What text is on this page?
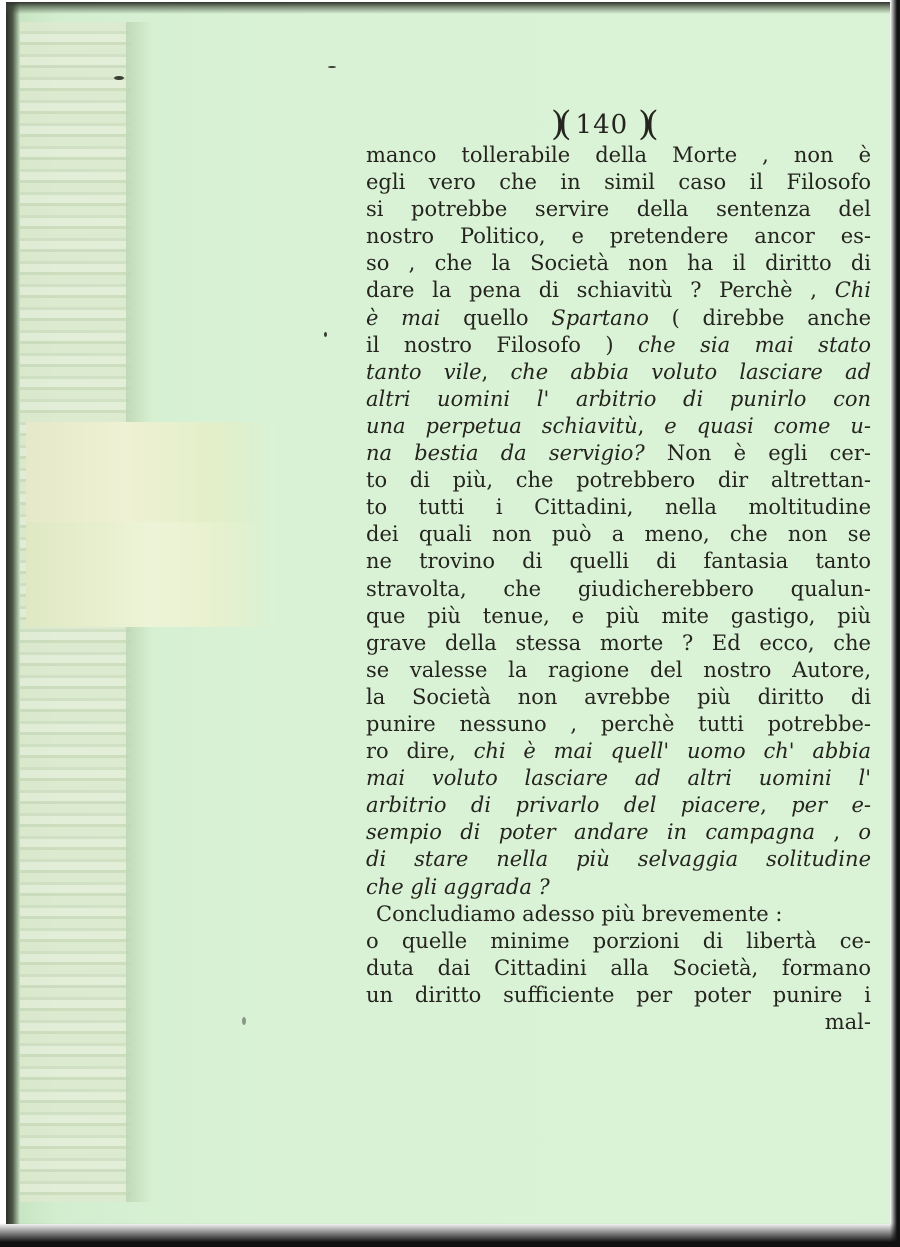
)( 140 )(
manco tollerabile della Morte , non è
egli vero che in simil caso il Filosofo
si potrebbe servire della sentenza del
nostro Politico, e pretendere ancor es-
so , che la Società non ha il diritto di
dare la pena di schiavitù ? Perchè , Chi
è mai quello Spartano ( direbbe anche
il nostro Filosofo ) che sia mai stato
tanto vile, che abbia voluto lasciare ad
altri uomini l' arbitrio di punirlo con
una perpetua schiavitù, e quasi come u-
na bestia da servigio? Non è egli cer-
to di più, che potrebbero dir altrettan-
to tutti i Cittadini, nella moltitudine
dei quali non può a meno, che non se
ne trovino di quelli di fantasia tanto
stravolta, che giudicherebbero qualun-
que più tenue, e più mite gastigo, più
grave della stessa morte ? Ed ecco, che
se valesse la ragione del nostro Autore,
la Società non avrebbe più diritto di
punire nessuno , perchè tutti potrebbe-
ro dire, chi è mai quell' uomo ch' abbia
mai voluto lasciare ad altri uomini l'
arbitrio di privarlo del piacere, per e-
sempio di poter andare in campagna , o
di stare nella più selvaggia solitudine
che gli aggrada ?
Concludiamo adesso più brevemente :
o quelle minime porzioni di libertà ce-
duta dai Cittadini alla Società, formano
un diritto sufficiente per poter punire i
mal-
